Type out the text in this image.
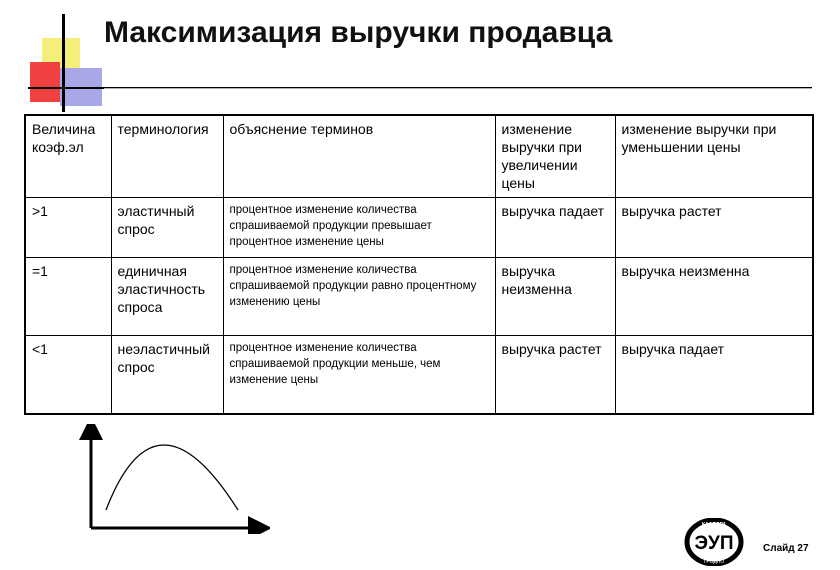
Максимизация выручки продавца
Величина коэф.эл	терминология	объяснение терминов	изменение выручки при увеличении цены	изменение выручки при уменьшении цены
>1	эластичный спрос	процентное изменение количества спрашиваемой продукции превышает процентное изменение цены	выручка падает	выручка растет
=1	единичная эластичность спроса	процентное изменение количества спрашиваемой продукции равно процентному изменению цены	выручка неизменна	выручка неизменна
<1	неэластичный спрос	процентное изменение количества спрашиваемой продукции меньше, чем изменение цены	выручка растет	выручка падает
КАФЕДРА
ГРОДНО
ЭУП	Слайд 27
